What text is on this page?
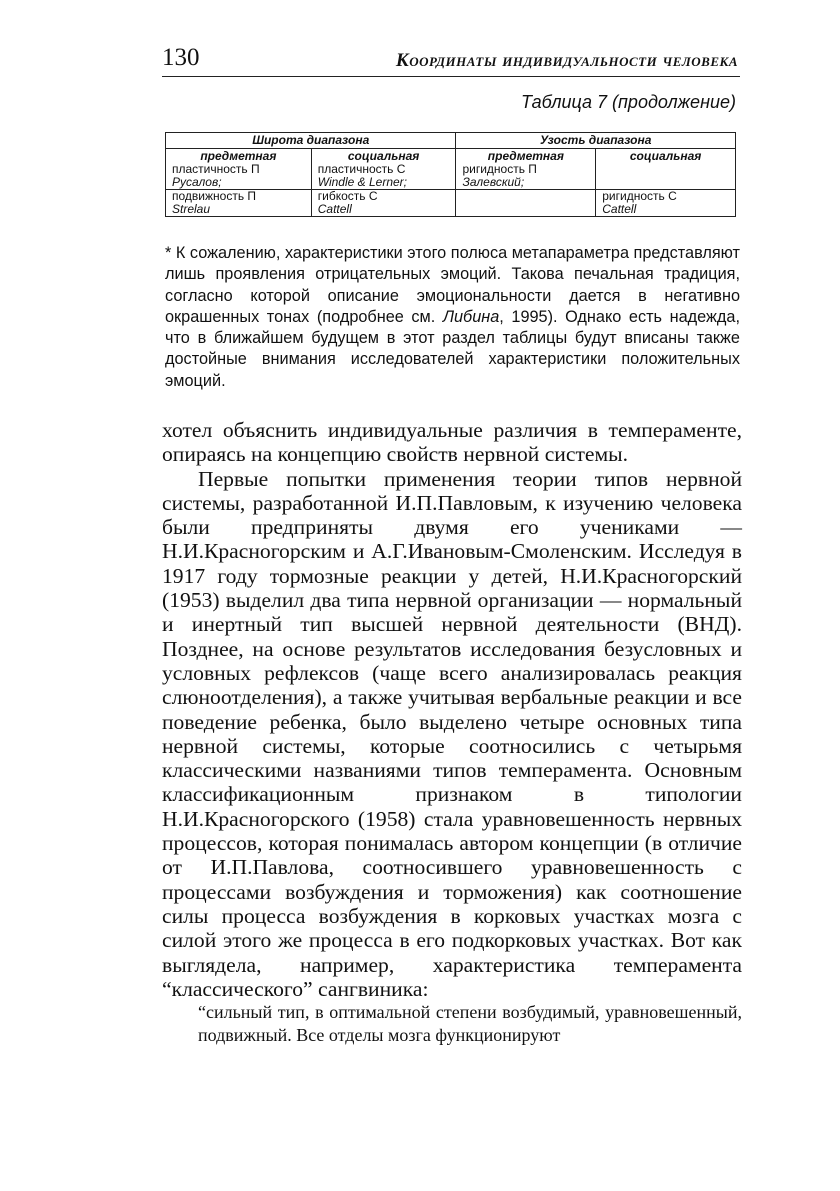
130	Координаты индивидуальности человека
Таблица 7 (продолжение)
Широта диапазона		Узость диапазона	
предметная	социальная	предметная	социальная
пластичность П	пластичность С	ригидность П	
Русалов;	Windle & Lerner;	Залевский;	
подвижность П	гибкость С		ригидность С
Strelau	Cattell		Cattell
* К сожалению, характеристики этого полюса метапараметра представляют лишь проявления отрицательных эмоций. Такова печальная традиция, согласно которой описание эмоциональности дается в негативно окрашенных тонах (подробнее см. Либина, 1995). Однако есть надежда, что в ближайшем будущем в этот раздел таблицы будут вписаны также достойные внимания исследователей характеристики положительных эмоций.

хотел объяснить индивидуальные различия в темпераменте, опираясь на концепцию свойств нервной системы.

Первые попытки применения теории типов нервной системы, разработанной И.П.Павловым, к изучению человека были предприняты двумя его учениками — Н.И.Красногорским и А.Г.Ивановым-Смоленским. Исследуя в 1917 году тормозные реакции у детей, Н.И.Красногорский (1953) выделил два типа нервной организации — нормальный и инертный тип высшей нервной деятельности (ВНД). Позднее, на основе результатов исследования безусловных и условных рефлексов (чаще всего анализировалась реакция слюноотделения), а также учитывая вербальные реакции и все поведение ребенка, было выделено четыре основных типа нервной системы, которые соотносились с четырьмя классическими названиями типов темперамента. Основным классификационным признаком в типологии Н.И.Красногорского (1958) стала уравновешенность нервных процессов, которая понималась автором концепции (в отличие от И.П.Павлова, соотносившего уравновешенность с процессами возбуждения и торможения) как соотношение силы процесса возбуждения в корковых участках мозга с силой этого же процесса в его подкорковых участках. Вот как выглядела, например, характеристика темперамента “классического” сангвиника:

“сильный тип, в оптимальной степени возбудимый, уравновешенный, подвижный. Все отделы мозга функционируют
